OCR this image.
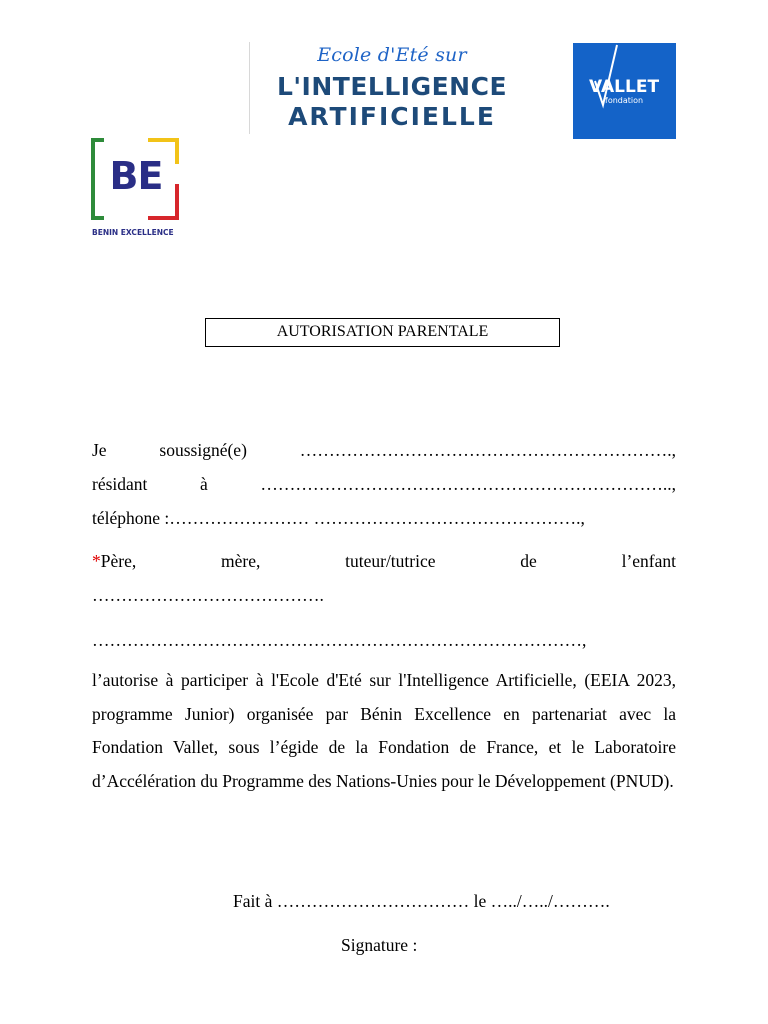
Ecole d'Eté sur
L'INTELLIGENCE
ARTIFICIELLE
VALLET
fondation
BE
BENIN EXCELLENCE
AUTORISATION PARENTALE
Je soussigné(e) ……………………………………………………….,
résidant à ……………………………………………………………..,
téléphone :…………………… ……………………………………….,
*Père,	mère,	tuteur/tutrice	de	l’enfant
………………………………….
…………………………………………………………………………,
l’autorise à participer à l'Ecole d'Eté sur l'Intelligence Artificielle, (EEIA 2023, programme Junior) organisée par Bénin Excellence en partenariat avec la Fondation Vallet, sous l’égide de la Fondation de France, et le Laboratoire d’Accélération du Programme des Nations-Unies pour le Développement (PNUD).
Fait à …………………………… le …../…../……….
Signature :
